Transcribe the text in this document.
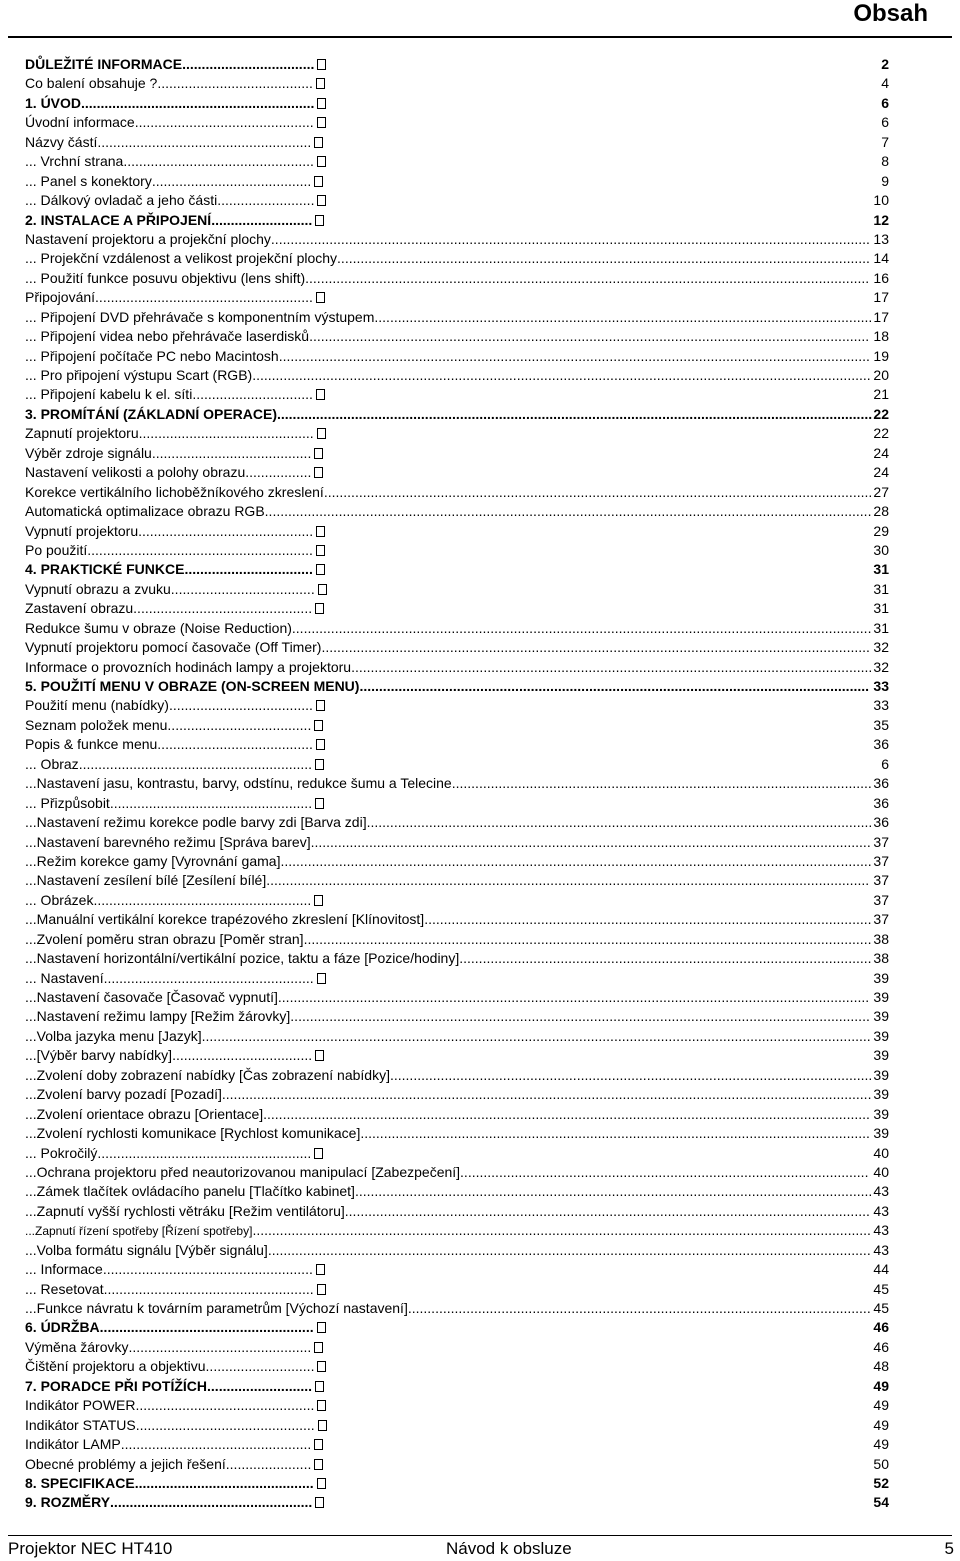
Obsah
DŮLEŽITÉ INFORMACE..................................	2
Co balení obsahuje ?........................................	4
1. ÚVOD............................................................	6
Úvodní informace..............................................	6
Názvy částí.......................................................	7
... Vrchní strana.................................................	8
... Panel s konektory.........................................	9
... Dálkový ovladač a jeho části.........................	10
2. INSTALACE A PŘIPOJENÍ..........................	12
Nastavení projektoru a projekční plochy.......................................................................................................................................................... 13
... Projekční vzdálenost a velikost projekční plochy......................................................................................................................................... 14
... Použití funkce posuvu objektivu (lens shift)................................................................................................................................................. 16
Připojování........................................................	17
... Připojení DVD přehrávače s komponentním výstupem................................................................................................................................ 17
... Připojení videa nebo přehrávače laserdisků................................................................................................................................................ 18
... Připojení počítače PC nebo Macintosh........................................................................................................................................................ 19
... Pro připojení výstupu Scart (RGB)............................................................................................................................................................... 20
... Připojení kabelu k el. síti...............................	21
3. PROMÍTÁNÍ (ZÁKLADNÍ OPERACE)......................................................................................................................................................... 22
Zapnutí projektoru.............................................	22
Výběr zdroje signálu.........................................	24
Nastavení velikosti a polohy obrazu.................	24
Korekce vertikálního lichoběžníkového zkreslení............................................................................................................................................. 27
Automatická optimalizace obrazu RGB............................................................................................................................................................ 28
Vypnutí projektoru.............................................	29
Po použití..........................................................	30
4. PRAKTICKÉ FUNKCE.................................	31
Vypnutí obrazu a zvuku.....................................	31
Zastavení obrazu..............................................	31
Redukce šumu v obraze (Noise Reduction)..................................................................................................................................................... 31
Vypnutí projektoru pomocí časovače (Off Timer)............................................................................................................................................. 32
Informace o provozních hodinách lampy a projektoru...................................................................................................................................... 32
5. POUŽITÍ MENU V OBRAZE (ON-SCREEN MENU)................................................................................................................................... 33
Použití menu (nabídky).....................................	33
Seznam položek menu.....................................	35
Popis & funkce menu........................................	36
... Obraz............................................................	6
...Nastavení jasu, kontrastu, barvy, odstínu, redukce šumu a Telecine............................................................................................................ 36
... Přizpůsobit....................................................	36
...Nastavení režimu korekce podle barvy zdi [Barva zdi].................................................................................................................................. 36
...Nastavení barevného režimu [Správa barev]................................................................................................................................................ 37
...Režim korekce gamy [Vyrovnání gama]........................................................................................................................................................ 37
...Nastavení zesílení bílé [Zesílení bílé]........................................................................................................................................................... 37
... Obrázek........................................................	37
...Manuální vertikální korekce trapézového zkreslení [Klínovitost]................................................................................................................... 37
...Zvolení poměru stran obrazu [Poměr stran].................................................................................................................................................. 38
...Nastavení horizontální/vertikální pozice, taktu a fáze [Pozice/hodiny].......................................................................................................... 38
... Nastavení......................................................	39
...Nastavení časovače [Časovač vypnutí]........................................................................................................................................................ 39
...Nastavení režimu lampy [Režim žárovky]..................................................................................................................................................... 39
...Volba jazyka menu [Jazyk]............................................................................................................................................................................ 39
...[Výběr barvy nabídky]....................................	39
...Zvolení doby zobrazení nabídky [Čas zobrazení nabídky]............................................................................................................................ 39
...Zvolení barvy pozadí [Pozadí]....................................................................................................................................................................... 39
...Zvolení orientace obrazu [Orientace]............................................................................................................................................................ 39
...Zvolení rychlosti komunikace [Rychlost komunikace]................................................................................................................................... 39
... Pokročilý.......................................................	40
...Ochrana projektoru před neautorizovanou manipulací [Zabezpečení]......................................................................................................... 40
...Zámek tlačítek ovládacího panelu [Tlačítko kabinet]..................................................................................................................................... 43
...Zapnutí vyšší rychlosti větráku [Režim ventilátoru]....................................................................................................................................... 43
...Zapnutí řízení spotřeby [Řízení spotřeby]............................................................................................................................................................... 43
...Volba formátu signálu [Výběr signálu]........................................................................................................................................................... 43
... Informace......................................................	44
... Resetovat......................................................	45
...Funkce návratu k továrním parametrům [Výchozí nastavení]....................................................................................................................... 45
6. ÚDRŽBA.......................................................	46
Výměna žárovky...............................................	46
Čištění projektoru a objektivu............................	48
7. PORADCE PŘI POTÍŽÍCH...........................	49
Indikátor POWER..............................................	49
Indikátor STATUS..............................................	49
Indikátor LAMP.................................................	49
Obecné problémy a jejich řešení......................	50
8. SPECIFIKACE..............................................	52
9. ROZMĚRY....................................................	54
Projektor NEC HT410	Návod k obsluze	5
